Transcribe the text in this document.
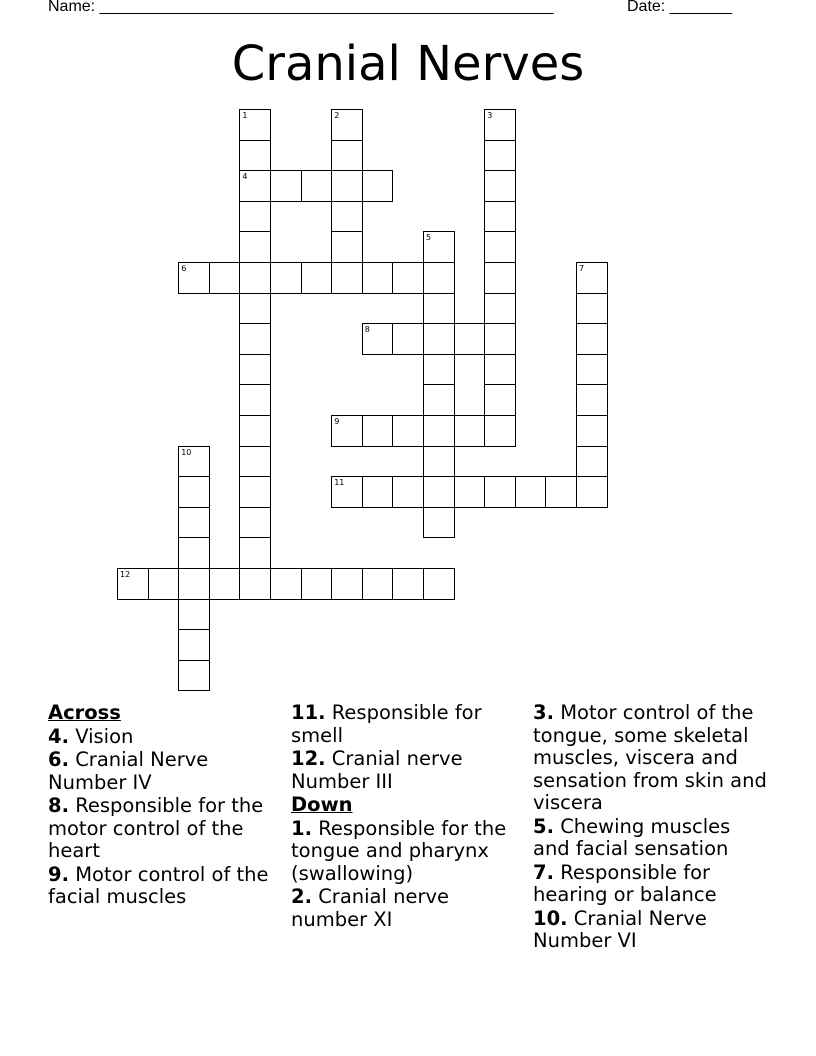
Name: ___________________________________________________	Date: _______
Cranial Nerves
1	2	3
4
5
6	7
8
9
10
11
12
Across
4. Vision
6. Cranial Nerve Number IV
8. Responsible for the motor control of the heart
9. Motor control of the facial muscles
11. Responsible for smell
12. Cranial nerve Number III
Down
1. Responsible for the tongue and pharynx (swallowing)
2. Cranial nerve number XI
3. Motor control of the tongue, some skeletal muscles, viscera and sensation from skin and viscera
5. Chewing muscles and facial sensation
7. Responsible for hearing or balance
10. Cranial Nerve Number VI
